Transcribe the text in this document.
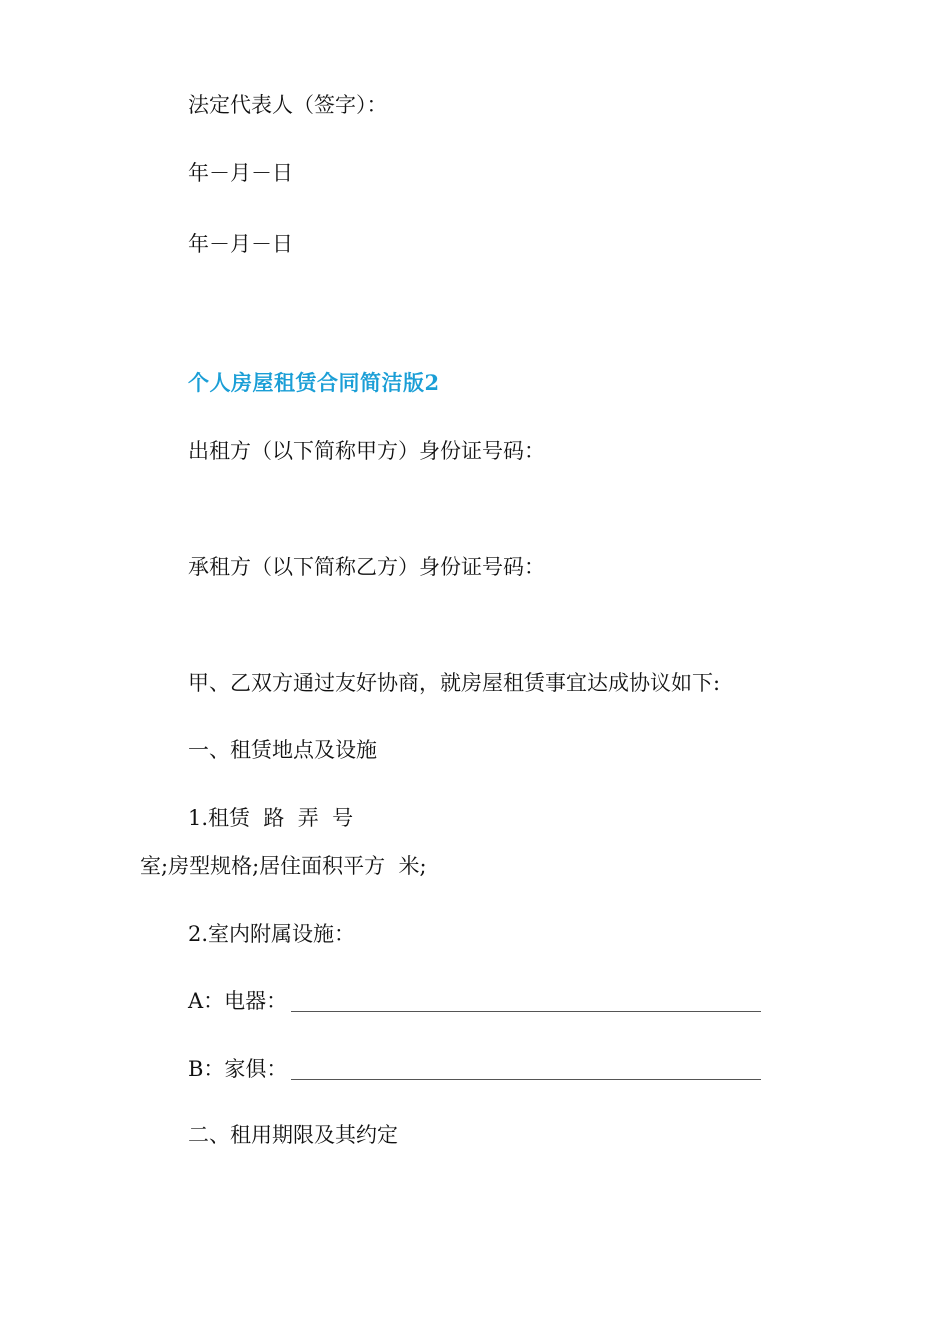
法定代表人（签字）：
年－月－日
年－月－日
个人房屋租赁合同简洁版2
出租方（以下简称甲方）身份证号码：
承租方（以下简称乙方）身份证号码：
甲、乙双方通过友好协商，就房屋租赁事宜达成协议如下:
一、租赁地点及设施
1.租赁  路  弄  号
室;房型规格;居住面积平方  米;
2.室内附属设施：
A：电器：
B：家俱：
二、租用期限及其约定
